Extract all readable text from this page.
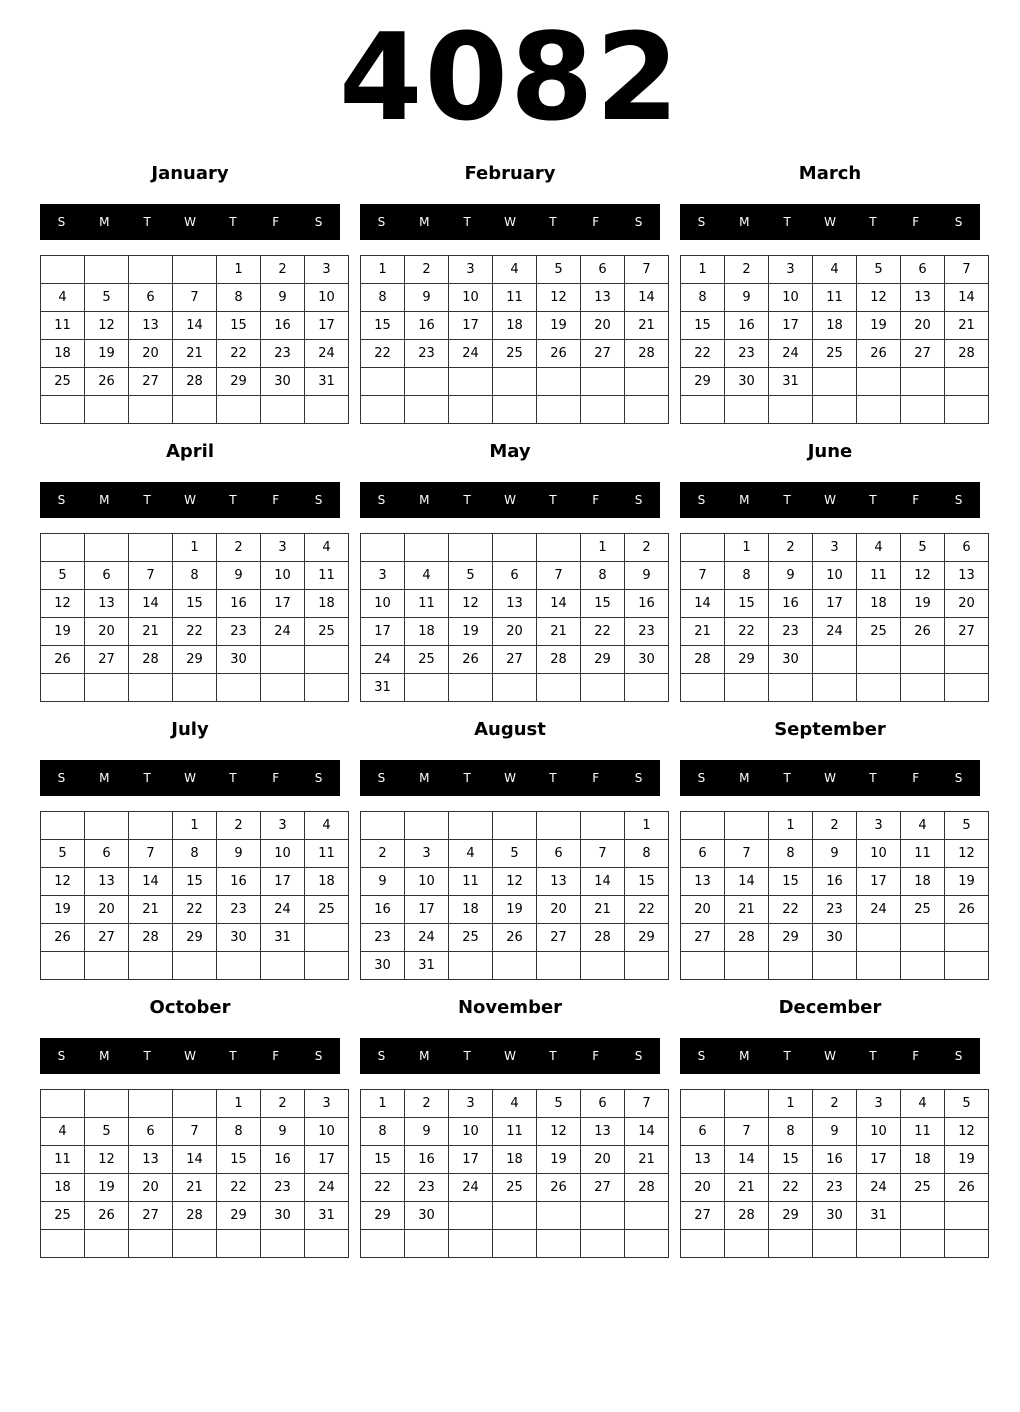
4082
January
S	M	T	W	T	F	S
				1	2	3
4	5	6	7	8	9	10
11	12	13	14	15	16	17
18	19	20	21	22	23	24
25	26	27	28	29	30	31

February
S	M	T	W	T	F	S
1	2	3	4	5	6	7
8	9	10	11	12	13	14
15	16	17	18	19	20	21
22	23	24	25	26	27	28

March
S	M	T	W	T	F	S
1	2	3	4	5	6	7
8	9	10	11	12	13	14
15	16	17	18	19	20	21
22	23	24	25	26	27	28
29	30	31				

April
S	M	T	W	T	F	S
			1	2	3	4
5	6	7	8	9	10	11
12	13	14	15	16	17	18
19	20	21	22	23	24	25
26	27	28	29	30		

May
S	M	T	W	T	F	S
					1	2
3	4	5	6	7	8	9
10	11	12	13	14	15	16
17	18	19	20	21	22	23
24	25	26	27	28	29	30
31						
June
S	M	T	W	T	F	S
	1	2	3	4	5	6
7	8	9	10	11	12	13
14	15	16	17	18	19	20
21	22	23	24	25	26	27
28	29	30				

July
S	M	T	W	T	F	S
			1	2	3	4
5	6	7	8	9	10	11
12	13	14	15	16	17	18
19	20	21	22	23	24	25
26	27	28	29	30	31	

August
S	M	T	W	T	F	S
						1
2	3	4	5	6	7	8
9	10	11	12	13	14	15
16	17	18	19	20	21	22
23	24	25	26	27	28	29
30	31					
September
S	M	T	W	T	F	S
		1	2	3	4	5
6	7	8	9	10	11	12
13	14	15	16	17	18	19
20	21	22	23	24	25	26
27	28	29	30			

October
S	M	T	W	T	F	S
				1	2	3
4	5	6	7	8	9	10
11	12	13	14	15	16	17
18	19	20	21	22	23	24
25	26	27	28	29	30	31

November
S	M	T	W	T	F	S
1	2	3	4	5	6	7
8	9	10	11	12	13	14
15	16	17	18	19	20	21
22	23	24	25	26	27	28
29	30					

December
S	M	T	W	T	F	S
		1	2	3	4	5
6	7	8	9	10	11	12
13	14	15	16	17	18	19
20	21	22	23	24	25	26
27	28	29	30	31		
